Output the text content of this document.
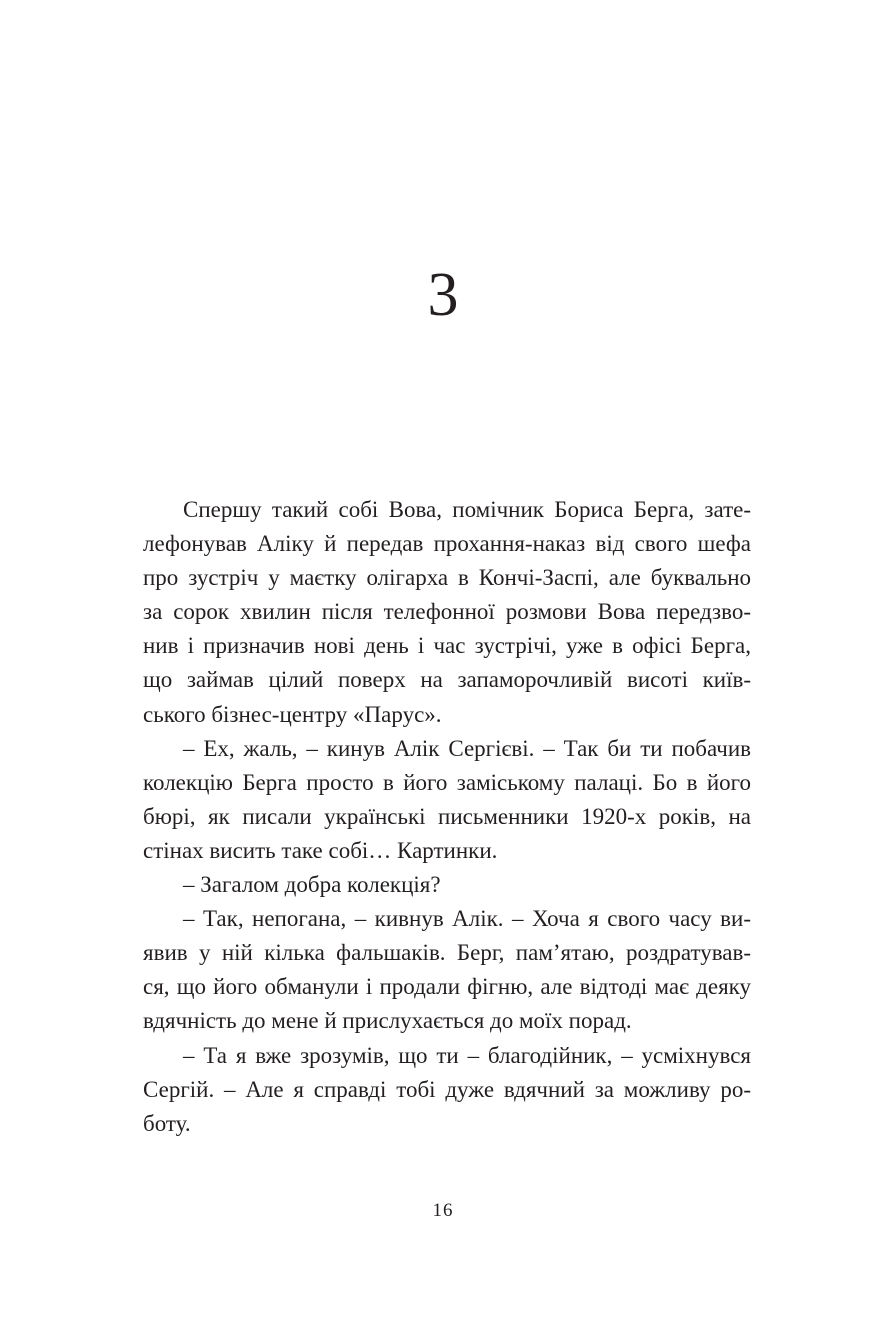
3
Спершу такий собі Вова, помічник Бориса Берга, зате-
лефонував Аліку й передав прохання-наказ від свого шефа
про зустріч у маєтку олігарха в Кончі-Заспі, але буквально
за сорок хвилин після телефонної розмови Вова передзво-
нив і призначив нові день і час зустрічі, уже в офісі Берга,
що займав цілий поверх на запаморочливій висоті київ-
ського бізнес-центру «Парус».
– Ех, жаль, – кинув Алік Сергієві. – Так би ти побачив
колекцію Берга просто в його заміському палаці. Бо в його
бюрі, як писали українські письменники 1920-х років, на
стінах висить таке собі… Картинки.
– Загалом добра колекція?
– Так, непогана, – кивнув Алік. – Хоча я свого часу ви-
явив у ній кілька фальшаків. Берг, пам’ятаю, роздратував-
ся, що його обманули і продали фігню, але відтоді має деяку
вдячність до мене й прислухається до моїх порад.
– Та я вже зрозумів, що ти – благодійник, – усміхнувся
Сергій. – Але я справді тобі дуже вдячний за можливу ро-
боту.
16
